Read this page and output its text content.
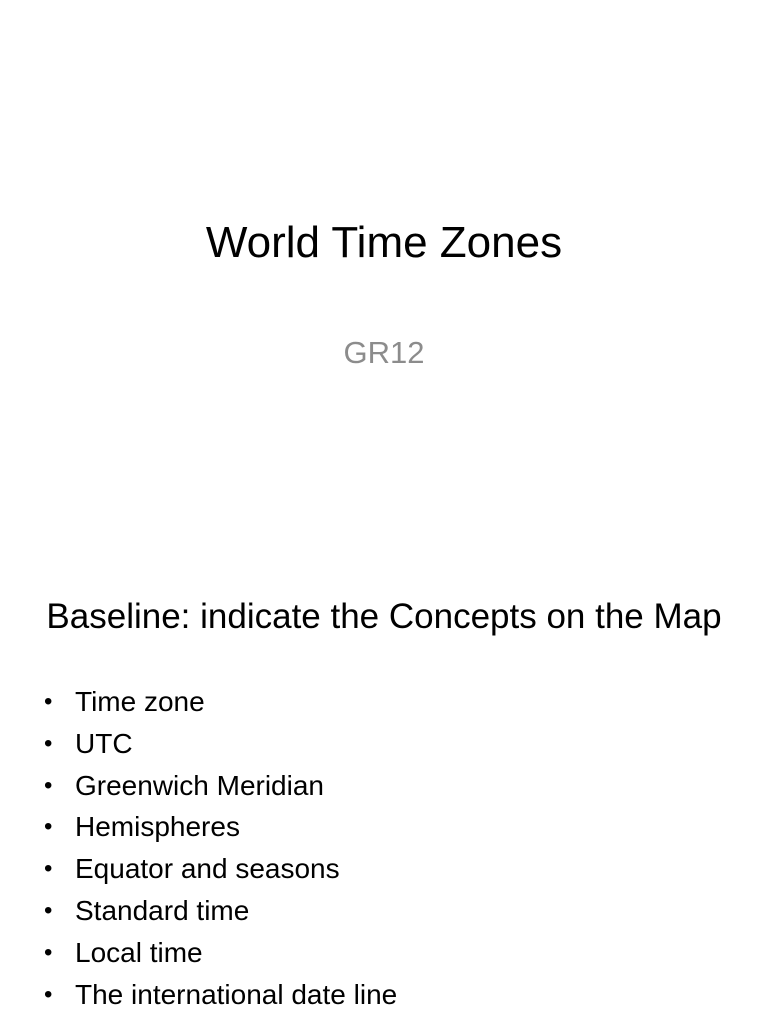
World Time Zones
GR12
Baseline: indicate the Concepts on the Map
• Time zone
• UTC
• Greenwich Meridian
• Hemispheres
• Equator and seasons
• Standard time
• Local time
• The international date line
